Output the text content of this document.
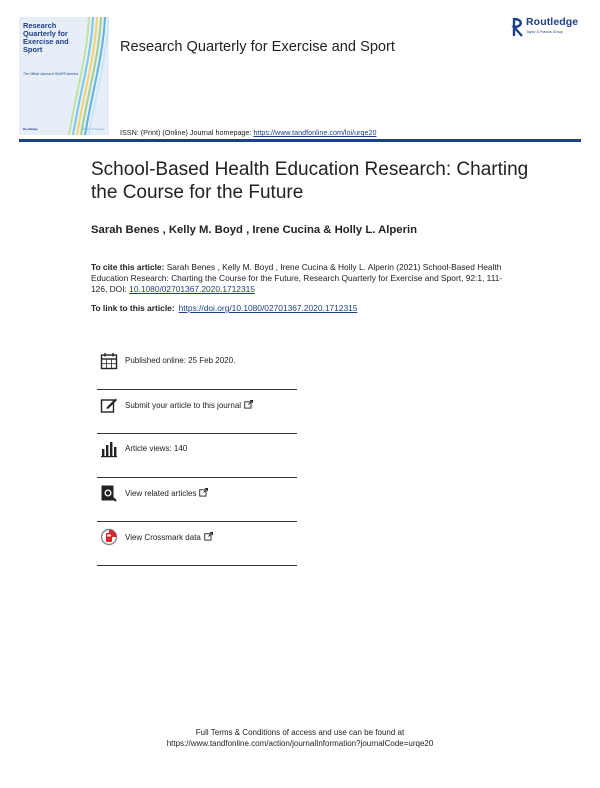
Research Quarterly for Exercise and Sport
The Official Journal of SHAPE America
Routledge	Taylor & Francis
Research Quarterly for Exercise and Sport
ISSN: (Print) (Online) Journal homepage: https://www.tandfonline.com/loi/urqe20
Routledge
Taylor & Francis Group
School-Based Health Education Research: Charting the Course for the Future
Sarah Benes , Kelly M. Boyd , Irene Cucina & Holly L. Alperin
To cite this article: Sarah Benes , Kelly M. Boyd , Irene Cucina & Holly L. Alperin (2021) School-Based Health Education Research: Charting the Course for the Future, Research Quarterly for Exercise and Sport, 92:1, 111-126, DOI: 10.1080/02701367.2020.1712315
To link to this article: https://doi.org/10.1080/02701367.2020.1712315
Published online: 25 Feb 2020.
Submit your article to this journal
Article views: 140
View related articles
View Crossmark data
Full Terms & Conditions of access and use can be found at
https://www.tandfonline.com/action/journalInformation?journalCode=urqe20
